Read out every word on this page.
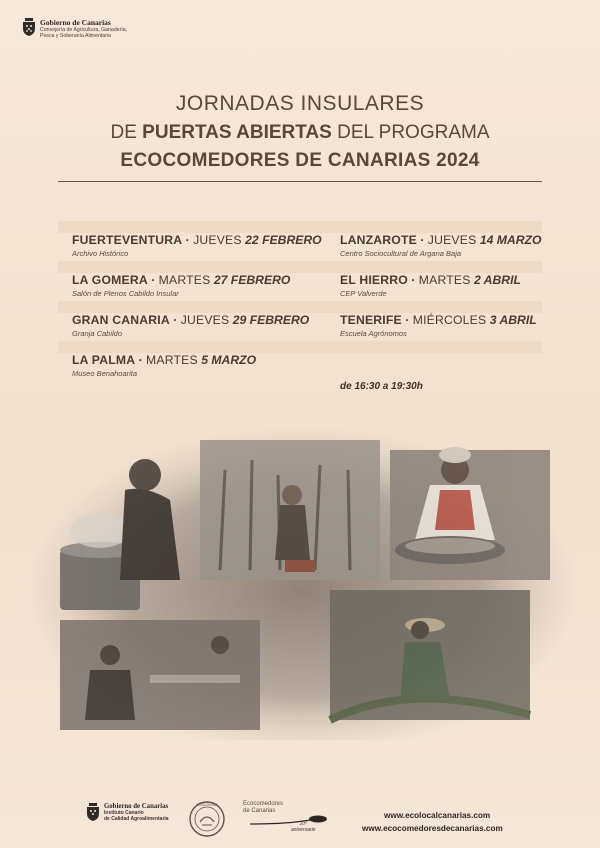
Gobierno de Canarias
Consejería de Agricultura, Ganadería,
Pesca y Soberanía Alimentaria
JORNADAS INSULARES
DE PUERTAS ABIERTAS DEL PROGRAMA
ECOCOMEDORES DE CANARIAS 2024
FUERTEVENTURA · JUEVES 22 FEBRERO
Archivo Histórico
LA GOMERA · MARTES 27 FEBRERO
Salón de Plenos Cabildo Insular
GRAN CANARIA · JUEVES 29 FEBRERO
Granja Cabildo
LA PALMA · MARTES 5 MARZO
Museo Benahoarita
LANZAROTE · JUEVES 14 MARZO
Centro Sociocultural de Argana Baja
EL HIERRO · MARTES 2 ABRIL
CEP Valverde
TENERIFE · MIÉRCOLES 3 ABRIL
Escuela Agrónomos
de 16:30 a 19:30h
Gobierno de Canarias
Instituto Canario
de Calidad Agroalimentaria
ECOLÓGICA	Ecocomedores
de Canarias
10º
aniversario
www.ecolocalcanarias.com
www.ecocomedoresdecanarias.com
